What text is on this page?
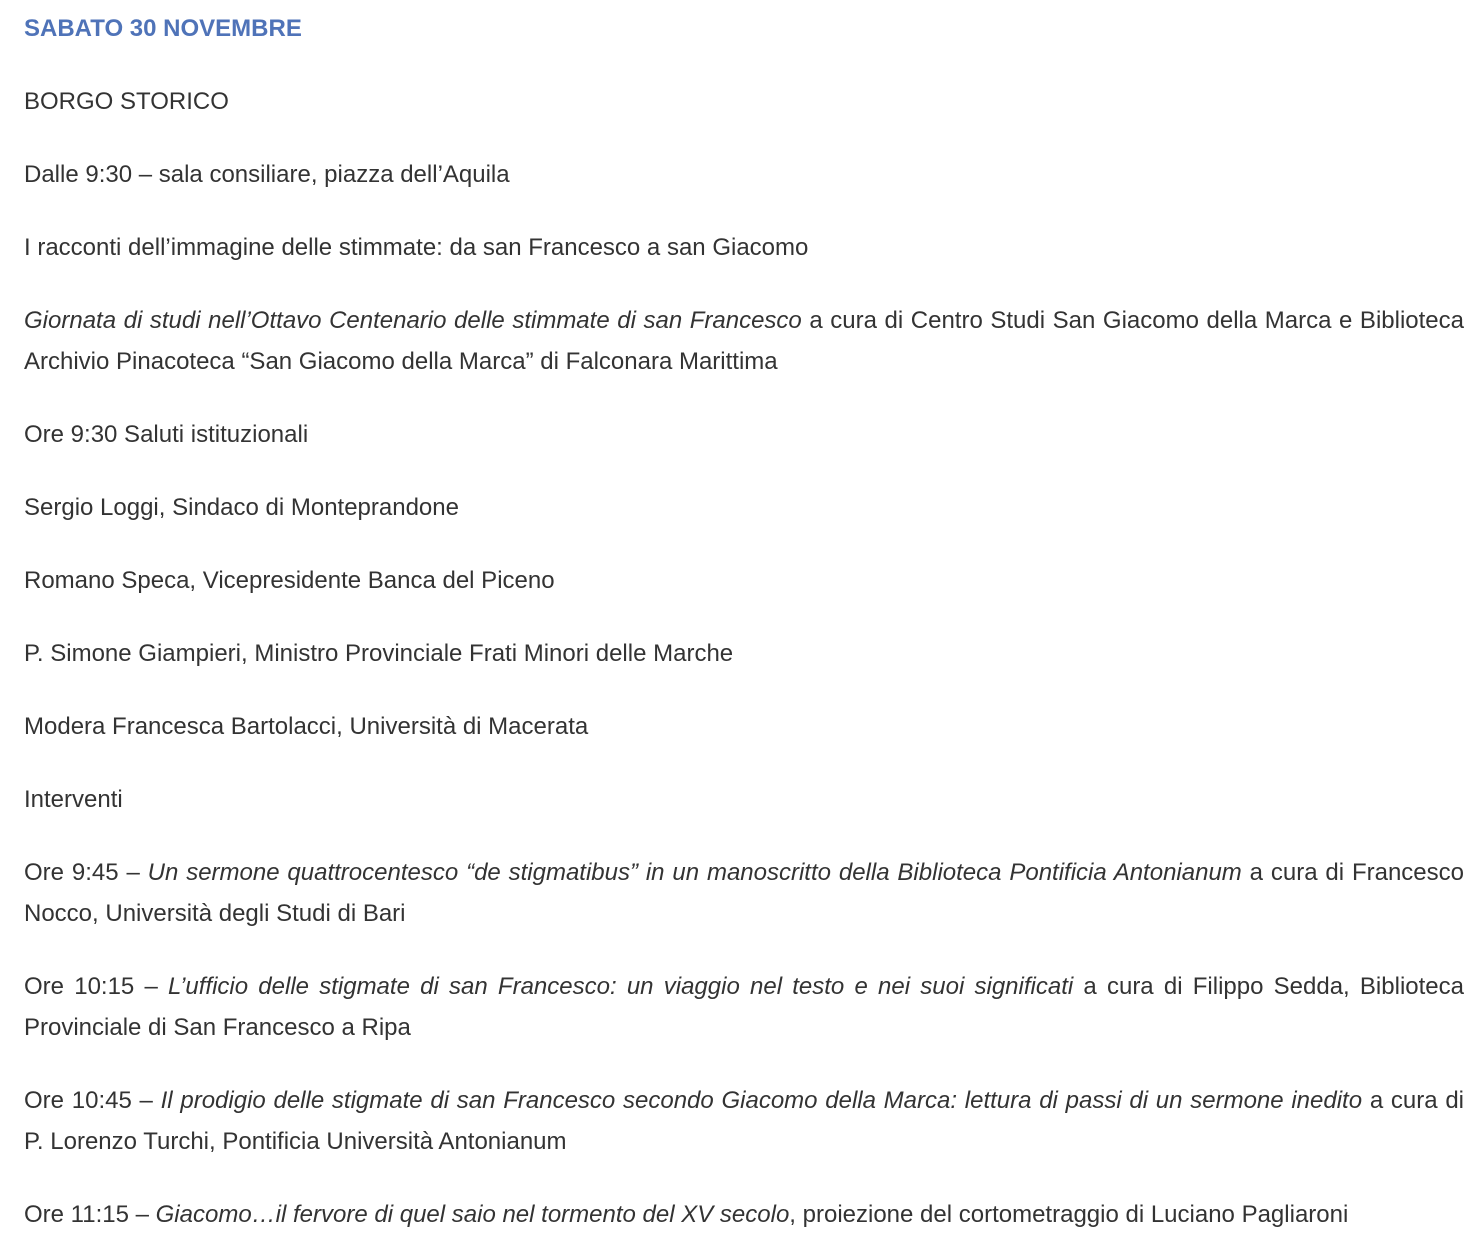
SABATO 30 NOVEMBRE

BORGO STORICO

Dalle 9:30 – sala consiliare, piazza dell’Aquila

I racconti dell’immagine delle stimmate: da san Francesco a san Giacomo

Giornata di studi nell’Ottavo Centenario delle stimmate di san Francesco a cura di Centro Studi San Giacomo della Marca e Biblioteca Archivio Pinacoteca “San Giacomo della Marca” di Falconara Marittima

Ore 9:30 Saluti istituzionali

Sergio Loggi, Sindaco di Monteprandone

Romano Speca, Vicepresidente Banca del Piceno

P. Simone Giampieri, Ministro Provinciale Frati Minori delle Marche

Modera Francesca Bartolacci, Università di Macerata

Interventi

Ore 9:45 – Un sermone quattrocentesco “de stigmatibus” in un manoscritto della Biblioteca Pontificia Antonianum a cura di Francesco Nocco, Università degli Studi di Bari

Ore 10:15 – L’ufficio delle stigmate di san Francesco: un viaggio nel testo e nei suoi significati a cura di Filippo Sedda, Biblioteca Provinciale di San Francesco a Ripa

Ore 10:45 – Il prodigio delle stigmate di san Francesco secondo Giacomo della Marca: lettura di passi di un sermone inedito a cura di P. Lorenzo Turchi, Pontificia Università Antonianum

Ore 11:15 – Giacomo…il fervore di quel saio nel tormento del XV secolo, proiezione del cortometraggio di Luciano Pagliaroni
